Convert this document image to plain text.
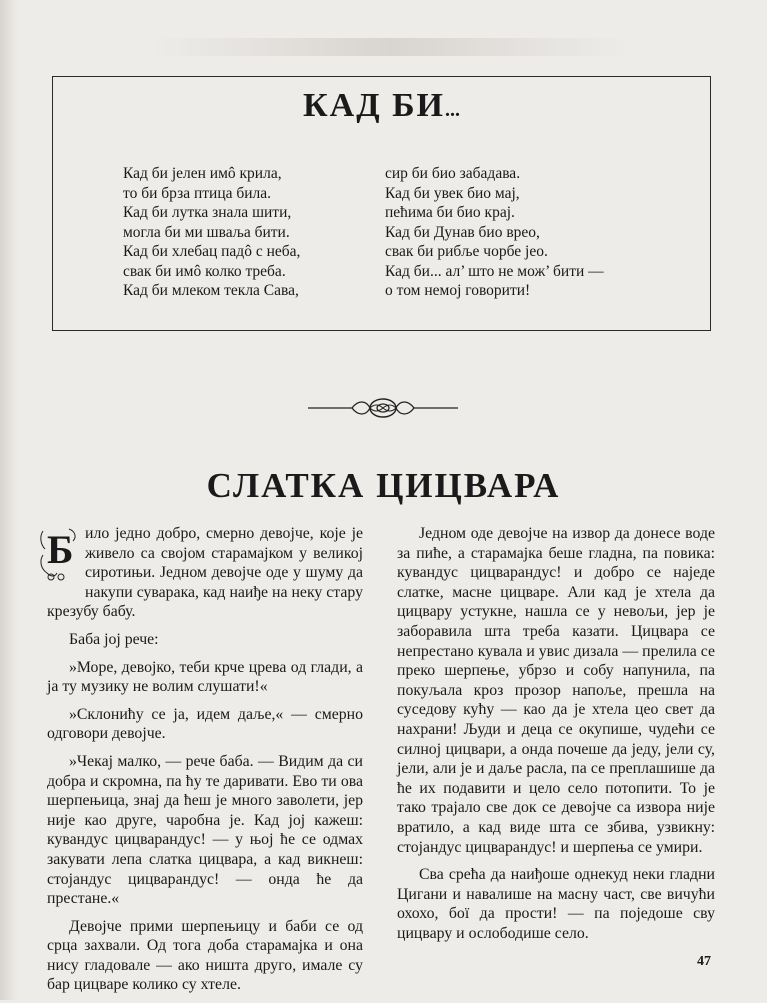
КАД БИ...
Кад би јелен имô крила,
то би брза птица била.
Кад би лутка знала шити,
могла би ми шваља бити.
Кад би хлебац падô с неба,
свак би имô колко треба.
Кад би млеком текла Сава,
сир би био забадава.
Кад би увек био мај,
пећима би био крај.
Кад би Дунав био врео,
свак би рибље чорбе јео.
Кад би... ал’ што не мож’ бити —
о том немој говорити!
СЛАТКА ЦИЦВАРА

Б ило једно добро, смерно девојче, које је живело са својом старамајком у великој сиротињи. Једном девојче оде у шуму да накупи суварака, кад наиђе на неку стару крезубу бабу.

Баба јој рече:

»Море, девојко, теби крче црева од глади, а ја ту музику не волим слушати!«

»Склонићу се ја, идем даље,« — смерно одговори девојче.

»Чекај малко, — рече баба. — Видим да си добра и скромна, па ћу те даривати. Ево ти ова шерпењица, знај да ћеш је много заволети, јер није као друге, чаробна је. Кад јој кажеш: кувандус цицварандус! — у њој ће се одмах закувати лепа слатка цицвара, а кад викнеш: стојандус цицварандус! — онда ће да престане.«

Девојче прими шерпењицу и баби се од срца захвали. Од тога доба старамајка и она нису гладовале — ако ништа друго, имале су бар цицваре колико су хтеле.

Једном оде девојче на извор да донесе воде за пиће, а старамајка беше гладна, па повика: кувандус цицварандус! и добро се наједе слатке, масне цицваре. Али кад је хтела да цицвару устукне, нашла се у невољи, јер је заборавила шта треба казати. Цицвара се непрестано кувала и увис дизала — прелила се преко шерпење, убрзо и собу напунила, па покуљала кроз прозор напоље, прешла на суседову кућу — као да је хтела цео свет да нахрани! Људи и деца се окупише, чудећи се силној цицвари, а онда почеше да једу, јели су, јели, али је и даље расла, па се преплашише да ће их подавити и цело село потопити. То је тако трајало све док се девојче са извора није вратило, а кад виде шта се збива, узвикну: стојандус цицварандус! и шерпења се умири.

Сва срећа да наиђоше однекуд неки гладни Цигани и навалише на масну част, све вичући охохо, бої да прости! — па поједоше сву цицвару и ослободише село.

47
